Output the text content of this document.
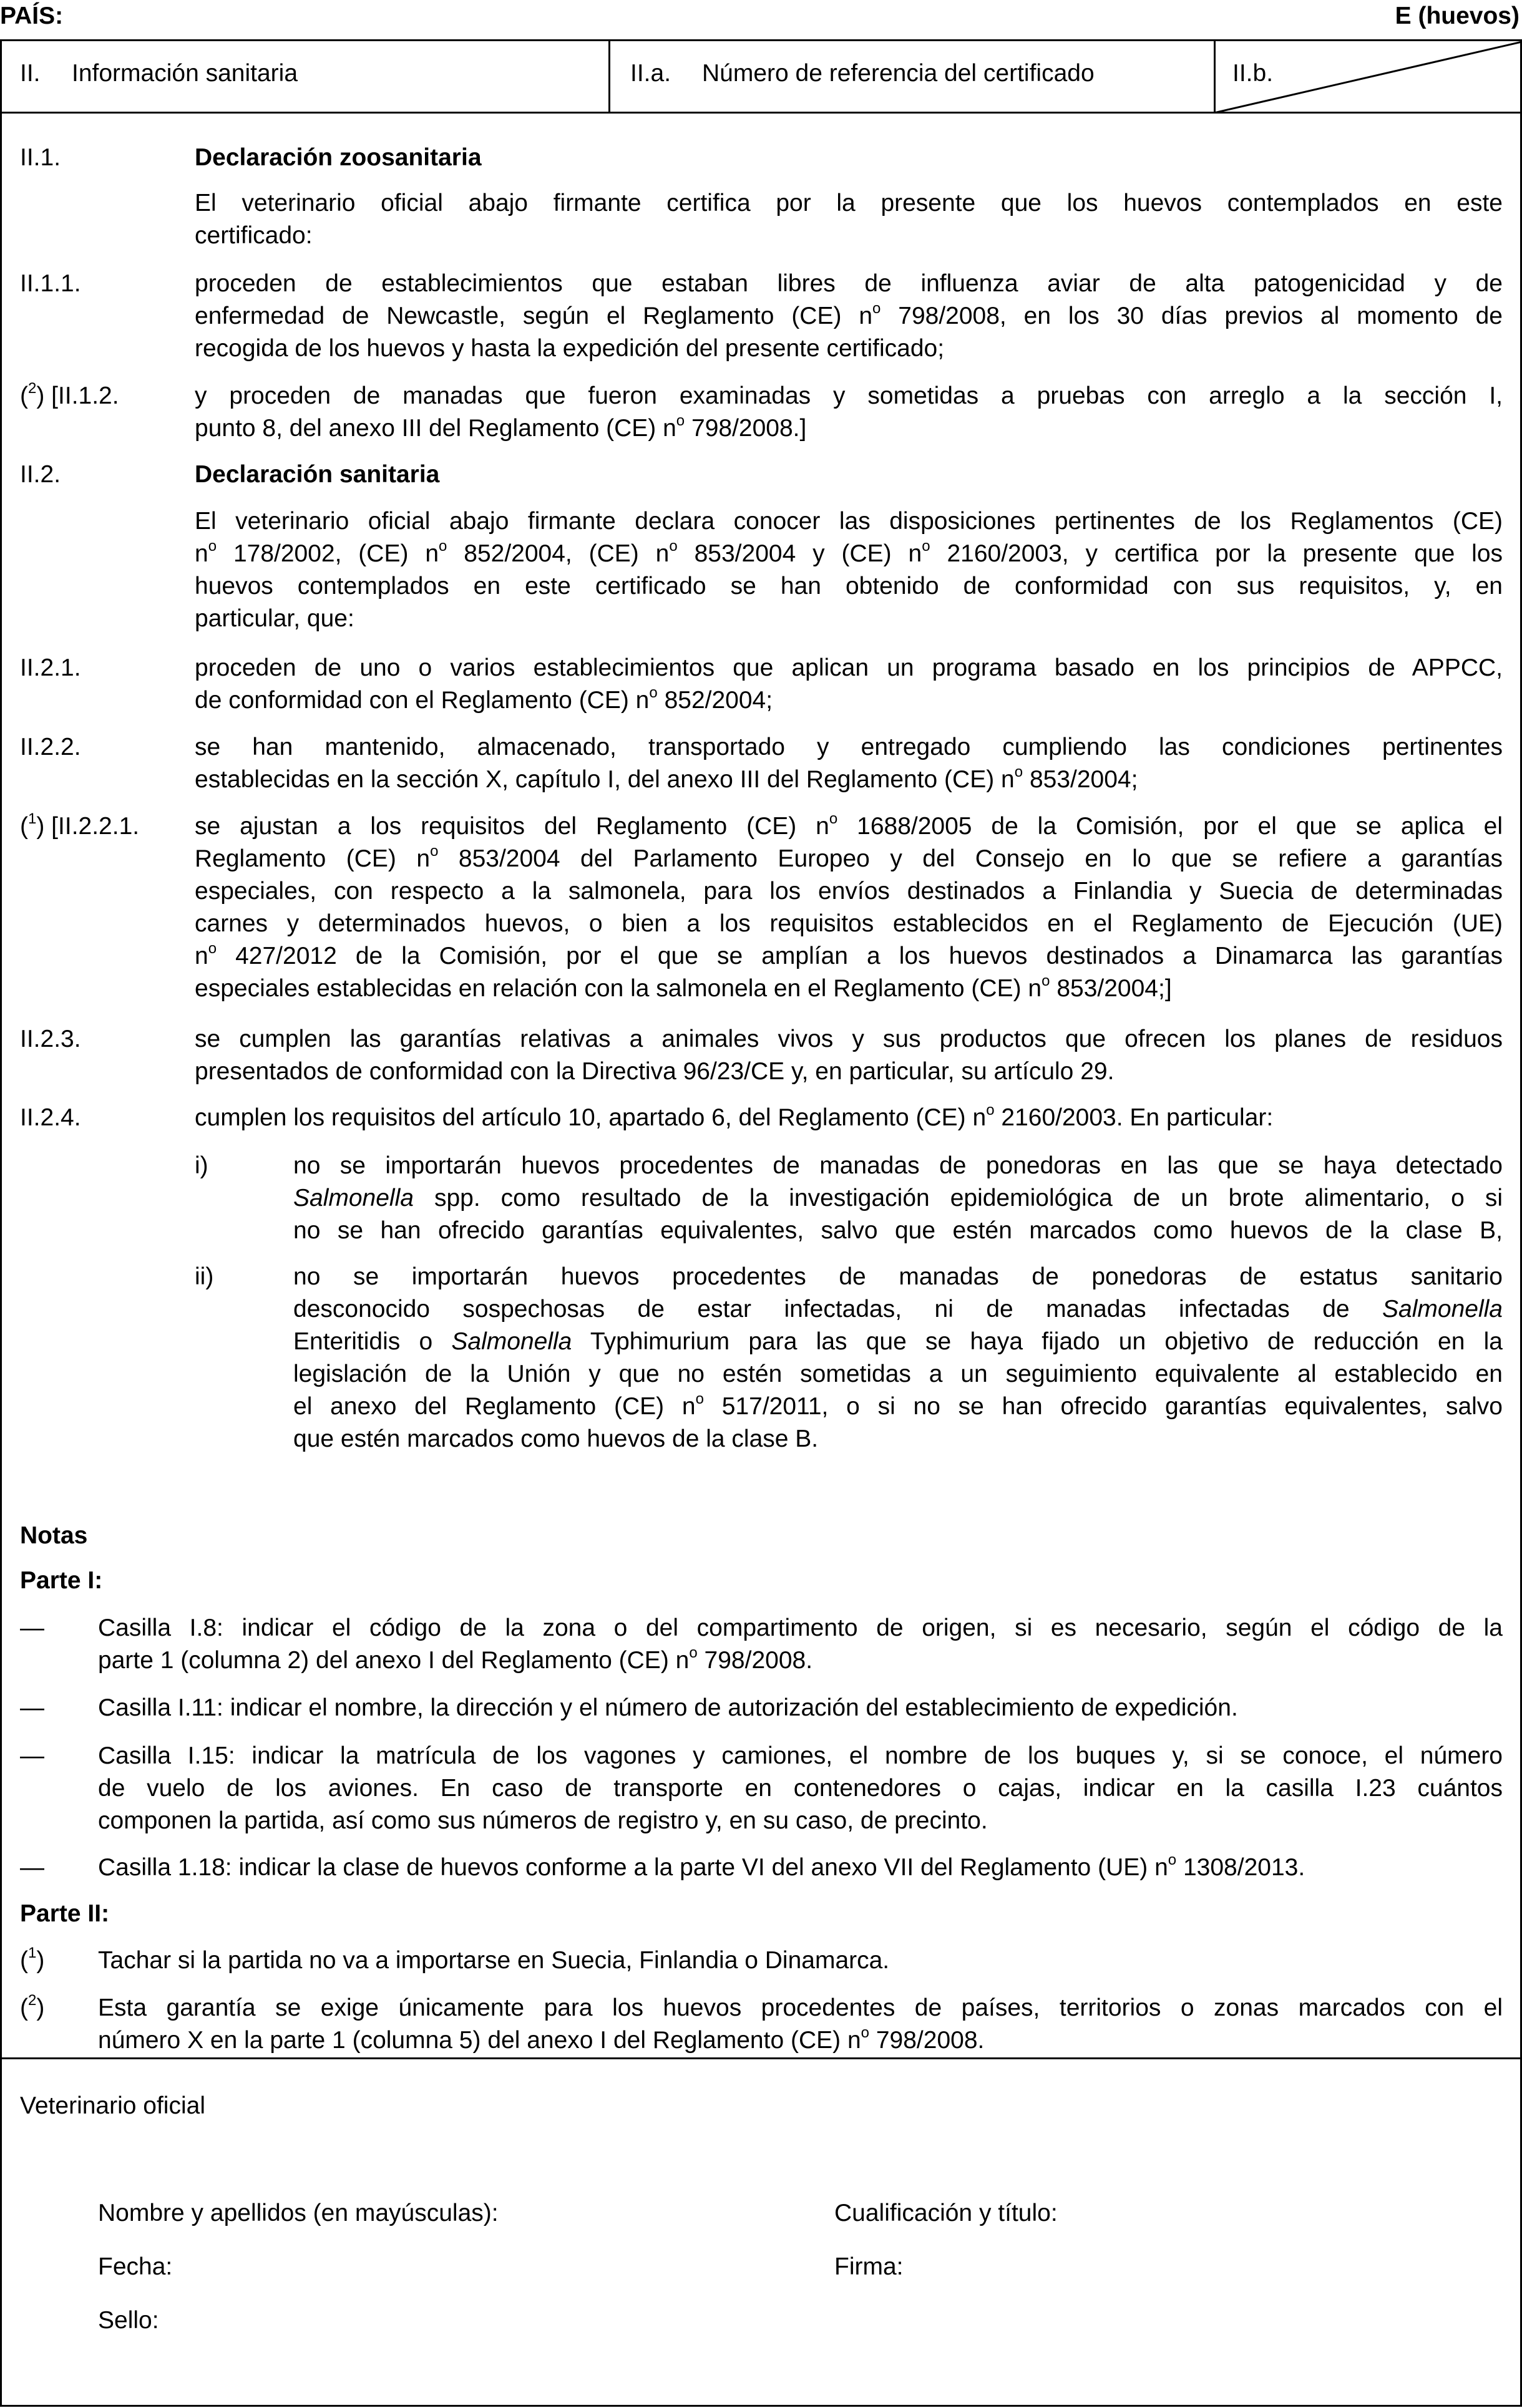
PAÍS:	E (huevos)
II. Información sanitaria	II.a. Número de referencia del certificado	II.b.
II.1.	Declaración zoosanitaria
El veterinario oficial abajo firmante certifica por la presente que los huevos contemplados en este
certificado:
II.1.1.	proceden de establecimientos que estaban libres de influenza aviar de alta patogenicidad y de
enfermedad de Newcastle, según el Reglamento (CE) $n^o$ 798/2008, en los 30 días previos al momento de
recogida de los huevos y hasta la expedición del presente certificado;
($^2$) [II.1.2.	y proceden de manadas que fueron examinadas y sometidas a pruebas con arreglo a la sección I,
punto 8, del anexo III del Reglamento (CE) $n^o$ 798/2008.]
II.2.	Declaración sanitaria
El veterinario oficial abajo firmante declara conocer las disposiciones pertinentes de los Reglamentos (CE)
$n^o$ 178/2002, (CE) $n^o$ 852/2004, (CE) $n^o$ 853/2004 y (CE) $n^o$ 2160/2003, y certifica por la presente que los
huevos contemplados en este certificado se han obtenido de conformidad con sus requisitos, y, en
particular, que:
II.2.1.	proceden de uno o varios establecimientos que aplican un programa basado en los principios de APPCC,
de conformidad con el Reglamento (CE) $n^o$ 852/2004;
II.2.2.	se han mantenido, almacenado, transportado y entregado cumpliendo las condiciones pertinentes
establecidas en la sección X, capítulo I, del anexo III del Reglamento (CE) $n^o$ 853/2004;
($^1$) [II.2.2.1. se ajustan a los requisitos del Reglamento (CE) $n^o$ 1688/2005 de la Comisión, por el que se aplica el
Reglamento (CE) $n^o$ 853/2004 del Parlamento Europeo y del Consejo en lo que se refiere a garantías
especiales, con respecto a la salmonela, para los envíos destinados a Finlandia y Suecia de determinadas
carnes y determinados huevos, o bien a los requisitos establecidos en el Reglamento de Ejecución (UE)
$n^o$ 427/2012 de la Comisión, por el que se amplían a los huevos destinados a Dinamarca las garantías
especiales establecidas en relación con la salmonela en el Reglamento (CE) $n^o$ 853/2004;]
II.2.3.	se cumplen las garantías relativas a animales vivos y sus productos que ofrecen los planes de residuos
presentados de conformidad con la Directiva 96/23/CE y, en particular, su artículo 29.
II.2.4.	cumplen los requisitos del artículo 10, apartado 6, del Reglamento (CE) $n^o$ 2160/2003. En particular:
i)	no se importarán huevos procedentes de manadas de ponedoras en las que se haya detectado
Salmonella spp. como resultado de la investigación epidemiológica de un brote alimentario, o si
no se han ofrecido garantías equivalentes, salvo que estén marcados como huevos de la clase B,
ii)	no se importarán huevos procedentes de manadas de ponedoras de estatus sanitario
desconocido sospechosas de estar infectadas, ni de manadas infectadas de Salmonella
Enteritidis o Salmonella Typhimurium para las que se haya fijado un objetivo de reducción en la
legislación de la Unión y que no estén sometidas a un seguimiento equivalente al establecido en
el anexo del Reglamento (CE) $n^o$ 517/2011, o si no se han ofrecido garantías equivalentes, salvo
que estén marcados como huevos de la clase B.
Notas
Parte I:
— Casilla I.8: indicar el código de la zona o del compartimento de origen, si es necesario, según el código de la
parte 1 (columna 2) del anexo I del Reglamento (CE) $n^o$ 798/2008.
— Casilla I.11: indicar el nombre, la dirección y el número de autorización del establecimiento de expedición.
— Casilla I.15: indicar la matrícula de los vagones y camiones, el nombre de los buques y, si se conoce, el número
de vuelo de los aviones. En caso de transporte en contenedores o cajas, indicar en la casilla I.23 cuántos
componen la partida, así como sus números de registro y, en su caso, de precinto.
— Casilla 1.18: indicar la clase de huevos conforme a la parte VI del anexo VII del Reglamento (UE) $n^o$ 1308/2013.
Parte II:
($^1$) Tachar si la partida no va a importarse en Suecia, Finlandia o Dinamarca.
($^2$) Esta garantía se exige únicamente para los huevos procedentes de países, territorios o zonas marcados con el
número X en la parte 1 (columna 5) del anexo I del Reglamento (CE) $n^o$ 798/2008.
Veterinario oficial
Nombre y apellidos (en mayúsculas):	Cualificación y título:
Fecha:	Firma:
Sello:
